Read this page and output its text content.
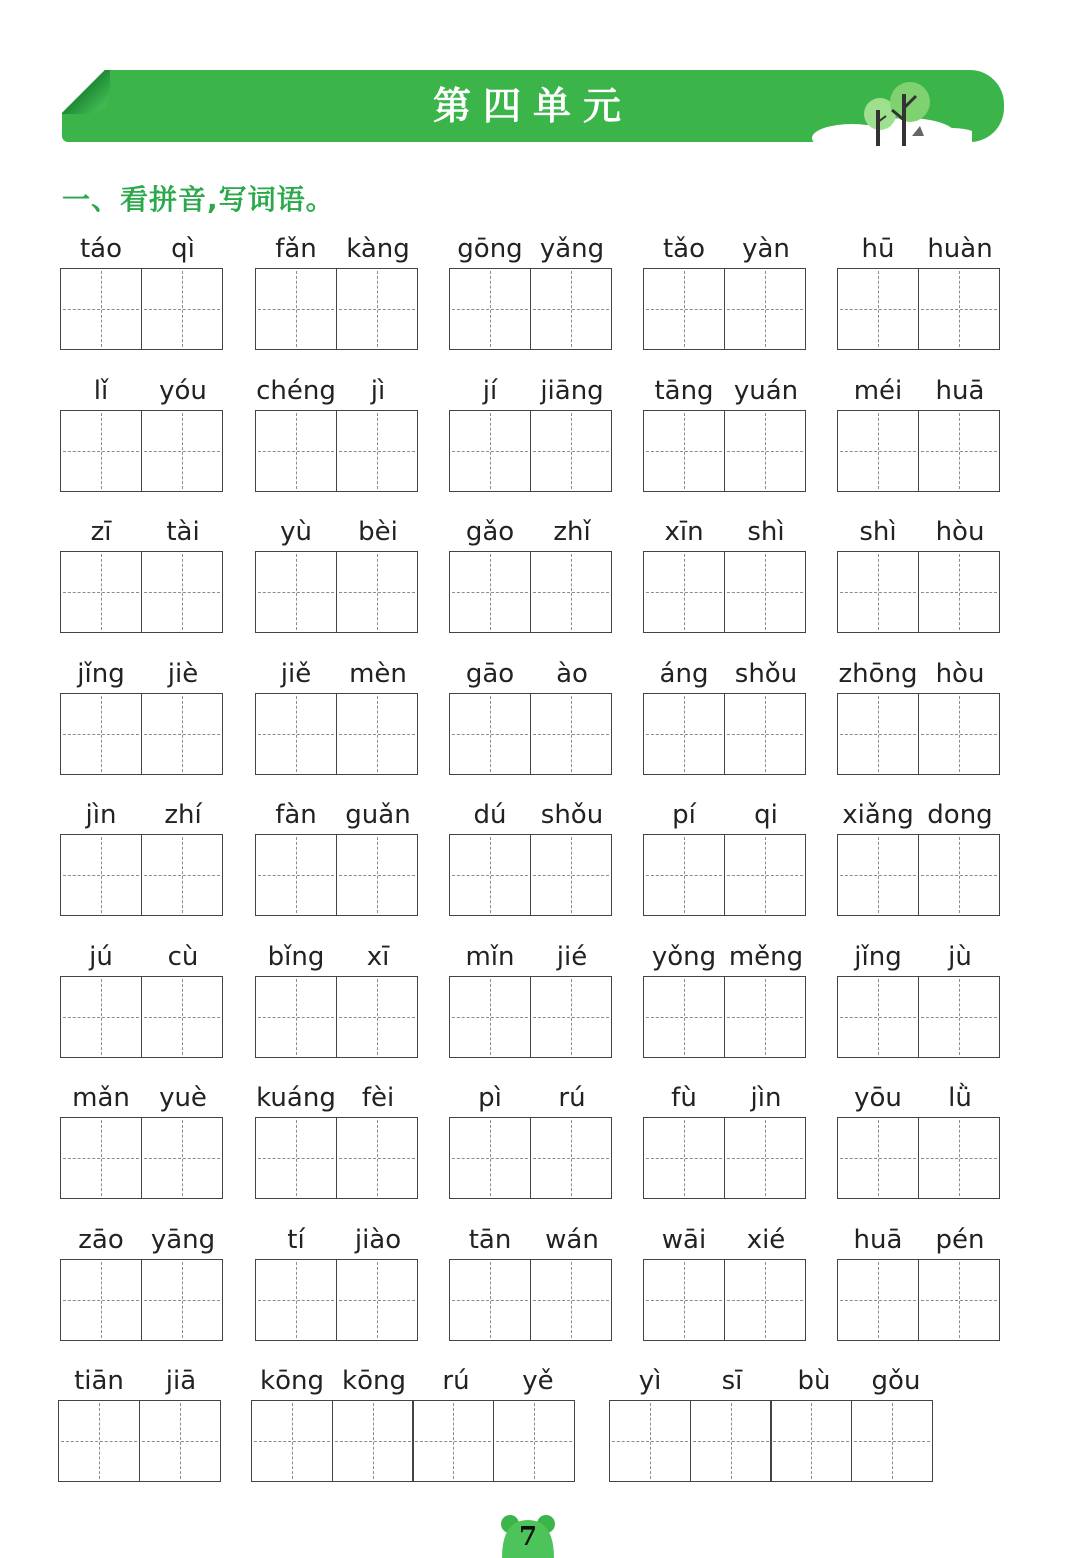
第四单元
一、看拼音,写词语。
táo	qì	fǎn	kàng	gōng yǎng	tǎo	yàn	hū	huàn
lǐ	yóu	chéng	jì	jí	jiāng	tāng yuán	méi	huā
zī	tài	yù	bèi	gǎo	zhǐ	xīn	shì	shì	hòu
jǐng	jiè	jiě	mèn	gāo	ào	áng	shǒu	zhōng hòu
jìn	zhí	fàn	guǎn	dú	shǒu	pí	qi	xiǎng dong
jú	cù	bǐng	xī	mǐn	jié	yǒng měng	jǐng	jù
mǎn	yuè	kuáng fèi	pì	rú	fù	jìn	yōu	lǜ
zāo	yāng	tí	jiào	tān	wán	wāi	xié	huā	pén
tiān	jiā	kōng kōng	rú	yě	yì	sī	bù	gǒu
7
